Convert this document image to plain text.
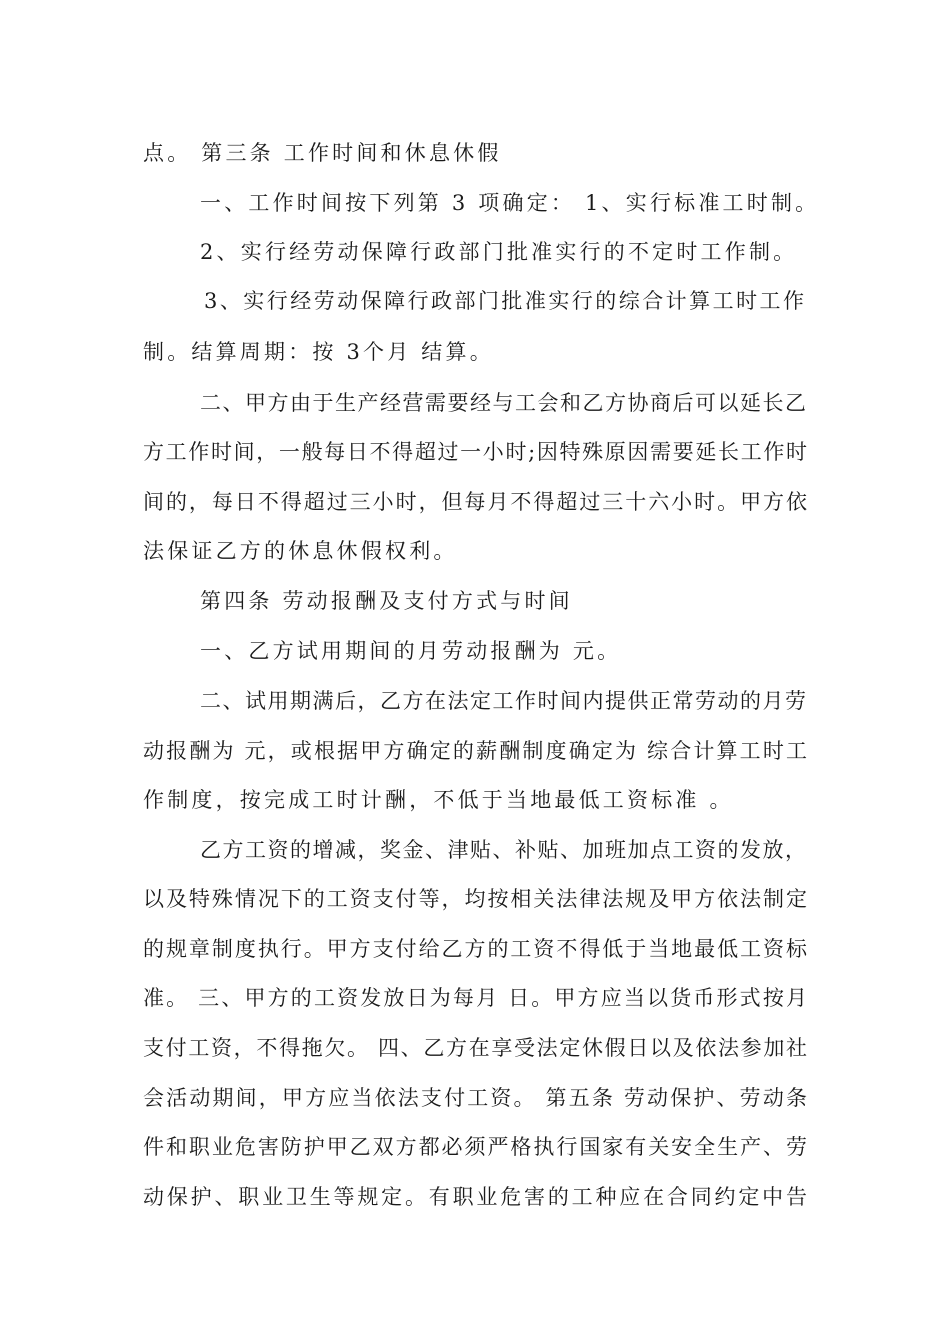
点。 第三条 工作时间和休息休假
一、工作时间按下列第 3 项确定： 1、实行标准工时制。
2、实行经劳动保障行政部门批准实行的不定时工作制。
3、实行经劳动保障行政部门批准实行的综合计算工时工作
制。结算周期：按 3个月 结算。
二、甲方由于生产经营需要经与工会和乙方协商后可以延长乙
方工作时间，一般每日不得超过一小时;因特殊原因需要延长工作时
间的，每日不得超过三小时，但每月不得超过三十六小时。甲方依
法保证乙方的休息休假权利。
第四条 劳动报酬及支付方式与时间
一、乙方试用期间的月劳动报酬为 元。
二、试用期满后，乙方在法定工作时间内提供正常劳动的月劳
动报酬为 元，或根据甲方确定的薪酬制度确定为 综合计算工时工
作制度，按完成工时计酬，不低于当地最低工资标准 。
乙方工资的增减，奖金、津贴、补贴、加班加点工资的发放，
以及特殊情况下的工资支付等，均按相关法律法规及甲方依法制定
的规章制度执行。甲方支付给乙方的工资不得低于当地最低工资标
准。 三、甲方的工资发放日为每月 日。甲方应当以货币形式按月
支付工资，不得拖欠。 四、乙方在享受法定休假日以及依法参加社
会活动期间，甲方应当依法支付工资。 第五条 劳动保护、劳动条
件和职业危害防护甲乙双方都必须严格执行国家有关安全生产、劳
动保护、职业卫生等规定。有职业危害的工种应在合同约定中告
